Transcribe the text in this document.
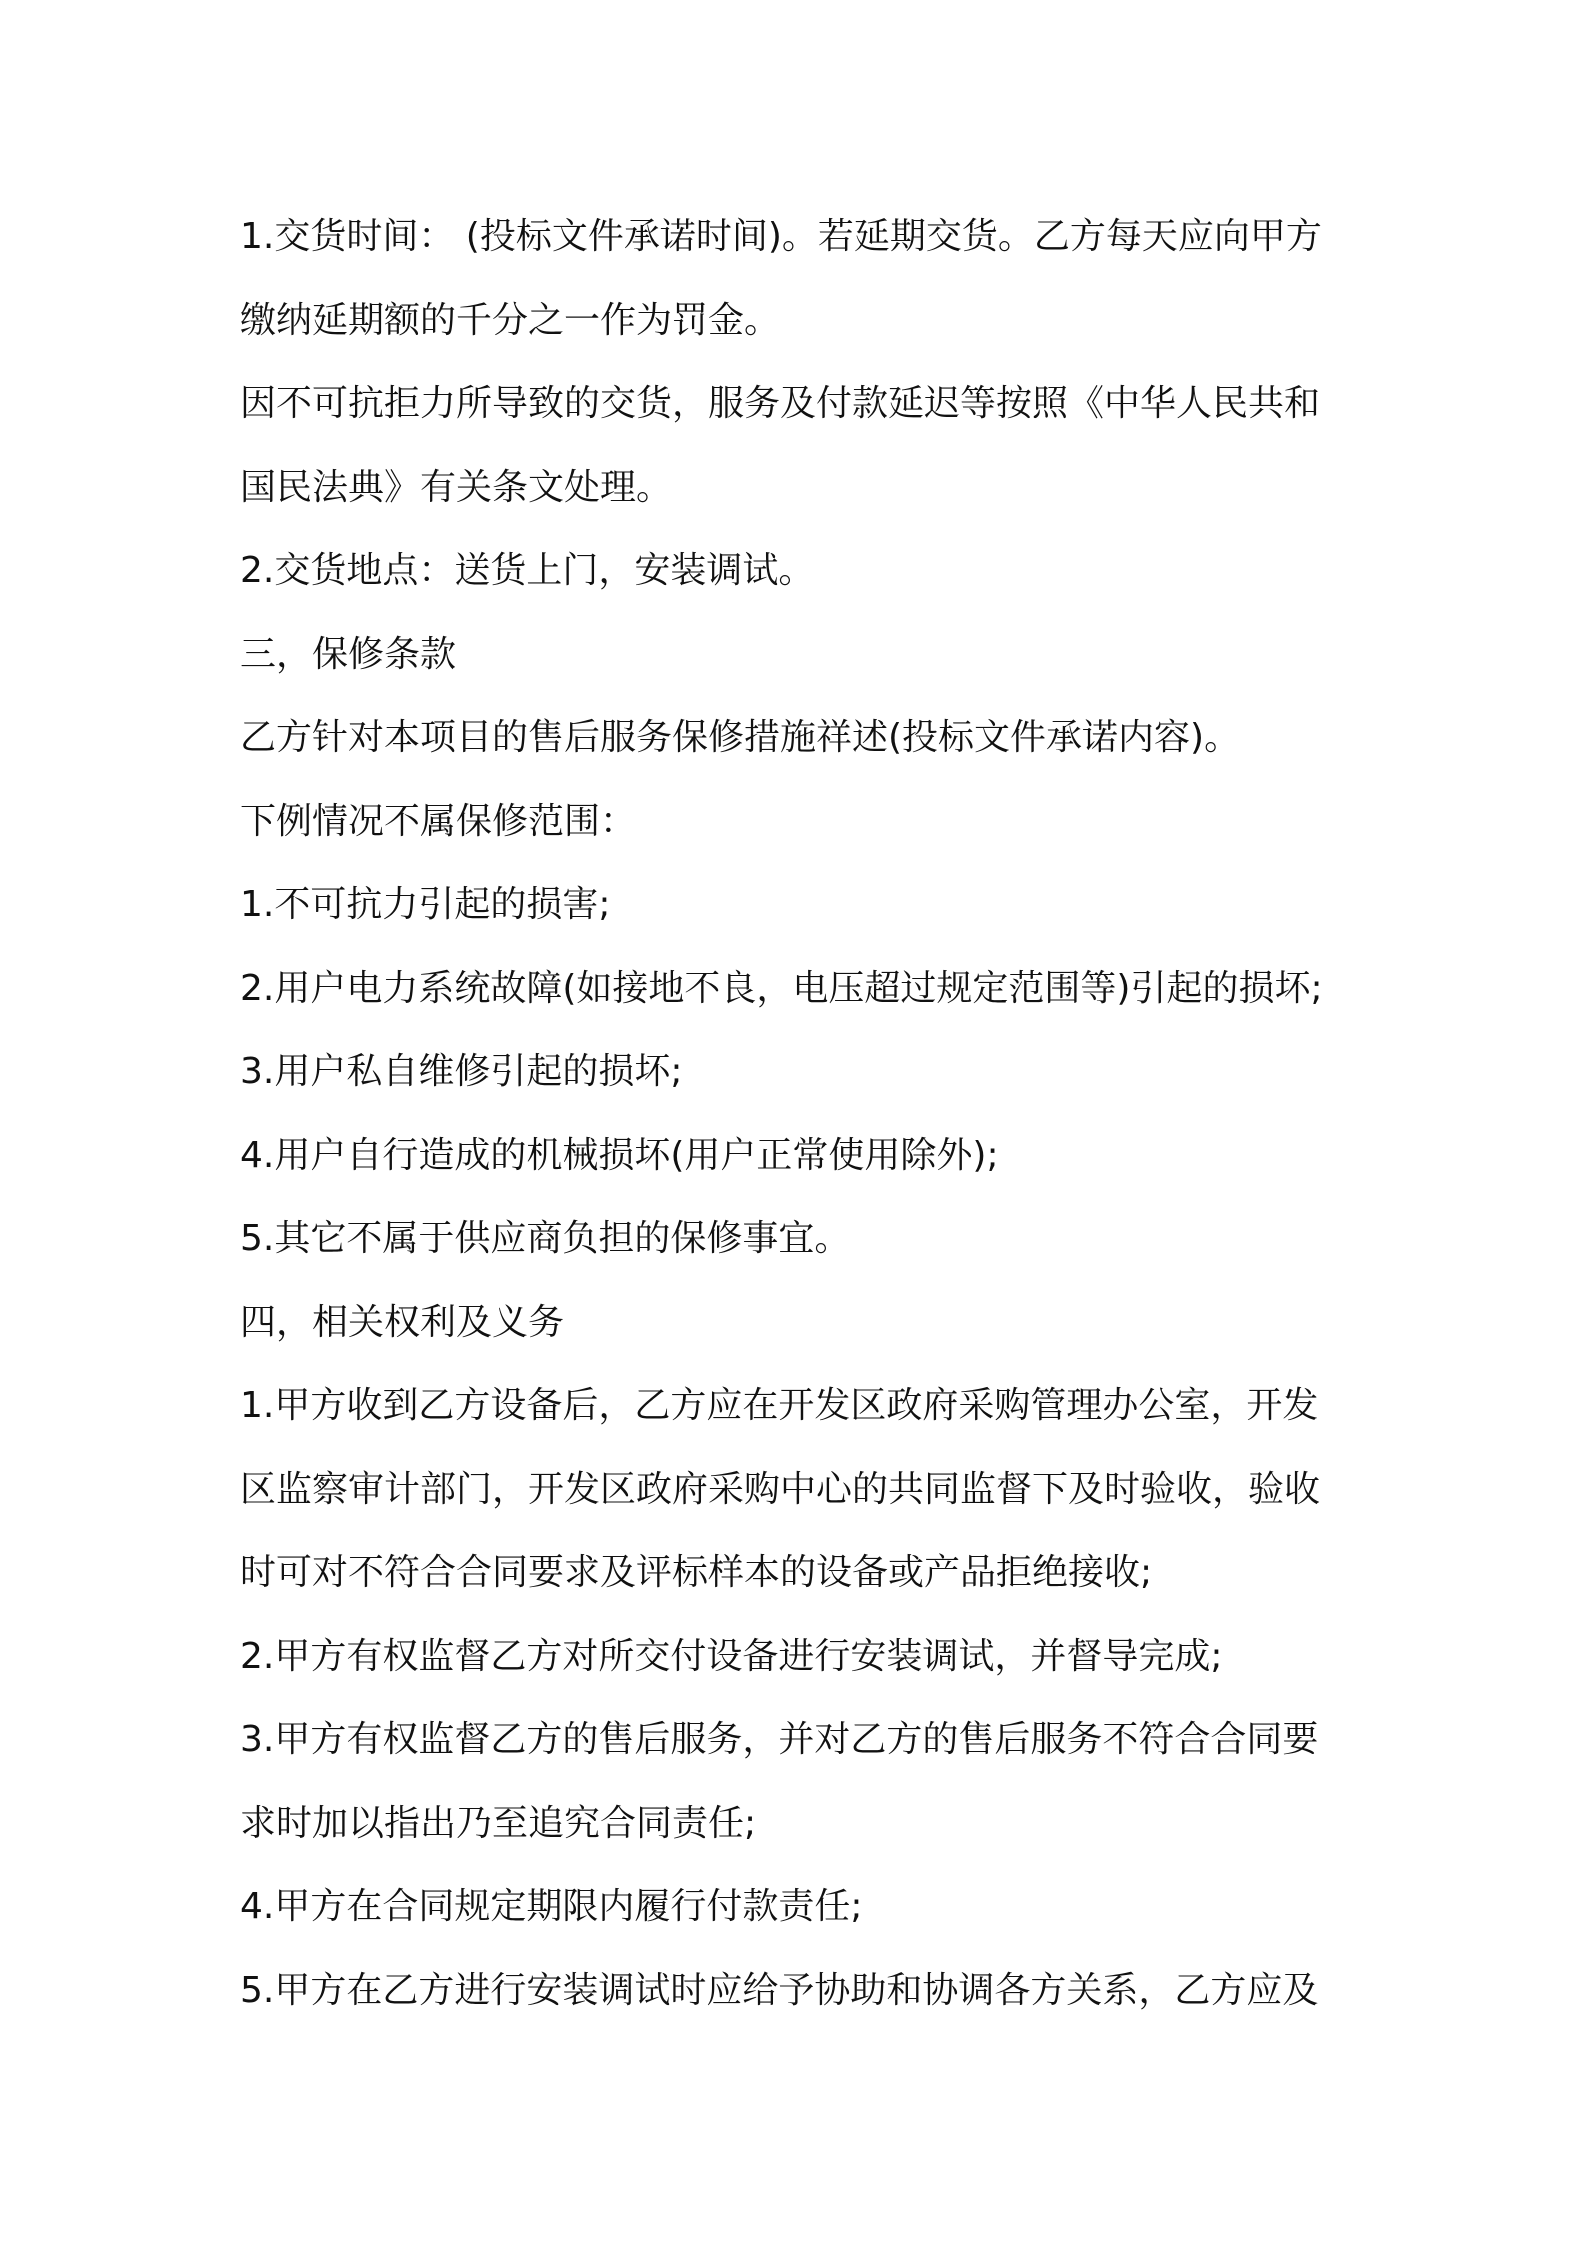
1.交货时间： (投标文件承诺时间)。若延期交货。乙方每天应向甲方
缴纳延期额的千分之一作为罚金。
因不可抗拒力所导致的交货，服务及付款延迟等按照《中华人民共和
国民法典》有关条文处理。
2.交货地点：送货上门，安装调试。
三，保修条款
乙方针对本项目的售后服务保修措施祥述(投标文件承诺内容)。
下例情况不属保修范围：
1.不可抗力引起的损害;
2.用户电力系统故障(如接地不良，电压超过规定范围等)引起的损坏;
3.用户私自维修引起的损坏;
4.用户自行造成的机械损坏(用户正常使用除外);
5.其它不属于供应商负担的保修事宜。
四，相关权利及义务
1.甲方收到乙方设备后，乙方应在开发区政府采购管理办公室，开发
区监察审计部门，开发区政府采购中心的共同监督下及时验收，验收
时可对不符合合同要求及评标样本的设备或产品拒绝接收;
2.甲方有权监督乙方对所交付设备进行安装调试，并督导完成;
3.甲方有权监督乙方的售后服务，并对乙方的售后服务不符合合同要
求时加以指出乃至追究合同责任;
4.甲方在合同规定期限内履行付款责任;
5.甲方在乙方进行安装调试时应给予协助和协调各方关系，乙方应及
